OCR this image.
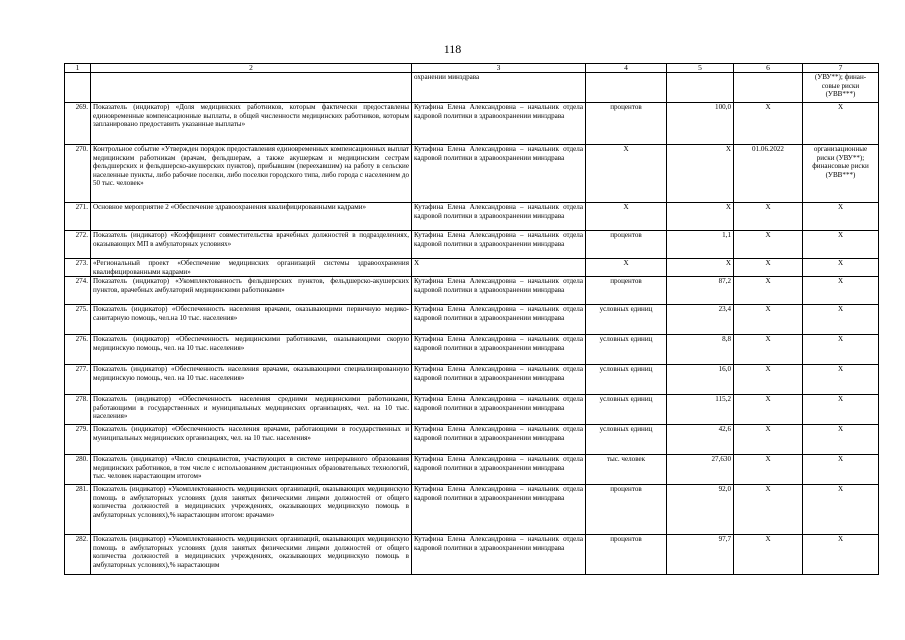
118
1	2	3	4	5	6	7
		охранении минздрава				(УВУ**); финан-
совые риски
(УВВ***)
269.	Показатель (индикатор) «Доля медицинских работников, которым фактически предоставлены единовременные компенсационные выплаты, в общей численности медицинских работников, которым запланировано предоставить указанные выплаты»	Кутафина Елена Александровна – начальник отдела кадровой политики в здравоохранении минздрава	процентов	100,0	X	X
270.	Контрольное событие «Утвержден порядок предоставления единовременных компенсационных выплат медицинским работникам (врачам, фельдшерам, а также акушеркам и медицинским сестрам фельдшерских и фельдшерско-акушерских пунктов), прибывшим (переехавшим) на работу в сельские населенные пункты, либо рабочие поселки, либо поселки городского типа, либо города с населением до 50 тыс. человек»	Кутафина Елена Александровна – начальник отдела кадровой политики в здравоохранении минздрава	X	X	01.06.2022	организационные риски (УВУ**); финансовые риски (УВВ***)
271.	Основное мероприятие 2 «Обеспечение здравоохранения квалифицированными кадрами»	Кутафина Елена Александровна – начальник отдела кадровой политики в здравоохранении минздрава	X	X	X	X
272.	Показатель (индикатор) «Коэффициент совместительства врачебных должностей в подразделениях, оказывающих МП в амбулаторных условиях»	Кутафина Елена Александровна – начальник отдела кадровой политики в здравоохранении минздрава	процентов	1,1	X	X
273.	«Региональный проект «Обеспечение медицинских организаций системы здравоохранения квалифицированными кадрами»	X	X	X	X	X
274.	Показатель (индикатор) «Укомплектованность фельдшерских пунктов, фельдшерско-акушерских пунктов, врачебных амбулаторий медицинскими работниками»	Кутафина Елена Александровна – начальник отдела кадровой политики в здравоохранении минздрава	процентов	87,2	X	X
275.	Показатель (индикатор) «Обеспеченность населения врачами, оказывающими первичную медико-санитарную помощь, чел.на 10 тыс. населения»	Кутафина Елена Александровна – начальник отдела кадровой политики в здравоохранении минздрава	условных единиц	23,4	X	X
276.	Показатель (индикатор) «Обеспеченность медицинскими работниками, оказывающими скорую медицинскую помощь, чел. на 10 тыс. населения»	Кутафина Елена Александровна – начальник отдела кадровой политики в здравоохранении минздрава	условных единиц	8,8	X	X
277.	Показатель (индикатор) «Обеспеченность населения врачами, оказывающими специализированную медицинскую помощь, чел. на 10 тыс. населения»	Кутафина Елена Александровна – начальник отдела кадровой политики в здравоохранении минздрава	условных единиц	16,0	X	X
278.	Показатель (индикатор) «Обеспеченность населения средними медицинскими работниками, работающими в государственных и муниципальных медицинских организациях, чел. на 10 тыс. населения»	Кутафина Елена Александровна – начальник отдела кадровой политики в здравоохранении минздрава	условных единиц	115,2	X	X
279.	Показатель (индикатор) «Обеспеченность населения врачами, работающими в государственных и муниципальных медицинских организациях, чел. на 10 тыс. населения»	Кутафина Елена Александровна – начальник отдела кадровой политики в здравоохранении минздрава	условных единиц	42,6	X	X
280.	Показатель (индикатор) «Число специалистов, участвующих в системе непрерывного образования медицинских работников, в том числе с использованием дистанционных образовательных технологий, тыс. человек нарастающим итогом»	Кутафина Елена Александровна – начальник отдела кадровой политики в здравоохранении минздрава	тыс. человек	27,630	X	X
281.	Показатель (индикатор) «Укомплектованность медицинских организаций, оказывающих медицинскую помощь в амбулаторных условиях (доля занятых физическими лицами должностей от общего количества должностей в медицинских учреждениях, оказывающих медицинскую помощь в амбулаторных условиях),% нарастающим итогом: врачами»	Кутафина Елена Александровна – начальник отдела кадровой политики в здравоохранении минздрава	процентов	92,0	X	X
282.	Показатель (индикатор) «Укомплектованность медицинских организаций, оказывающих медицинскую помощь в амбулаторных условиях (доля занятых физическими лицами должностей от общего количества должностей в медицинских учреждениях, оказывающих медицинскую помощь в амбулаторных условиях),% нарастающим	Кутафина Елена Александровна – начальник отдела кадровой политики в здравоохранении минздрава	процентов	97,7	X	X
